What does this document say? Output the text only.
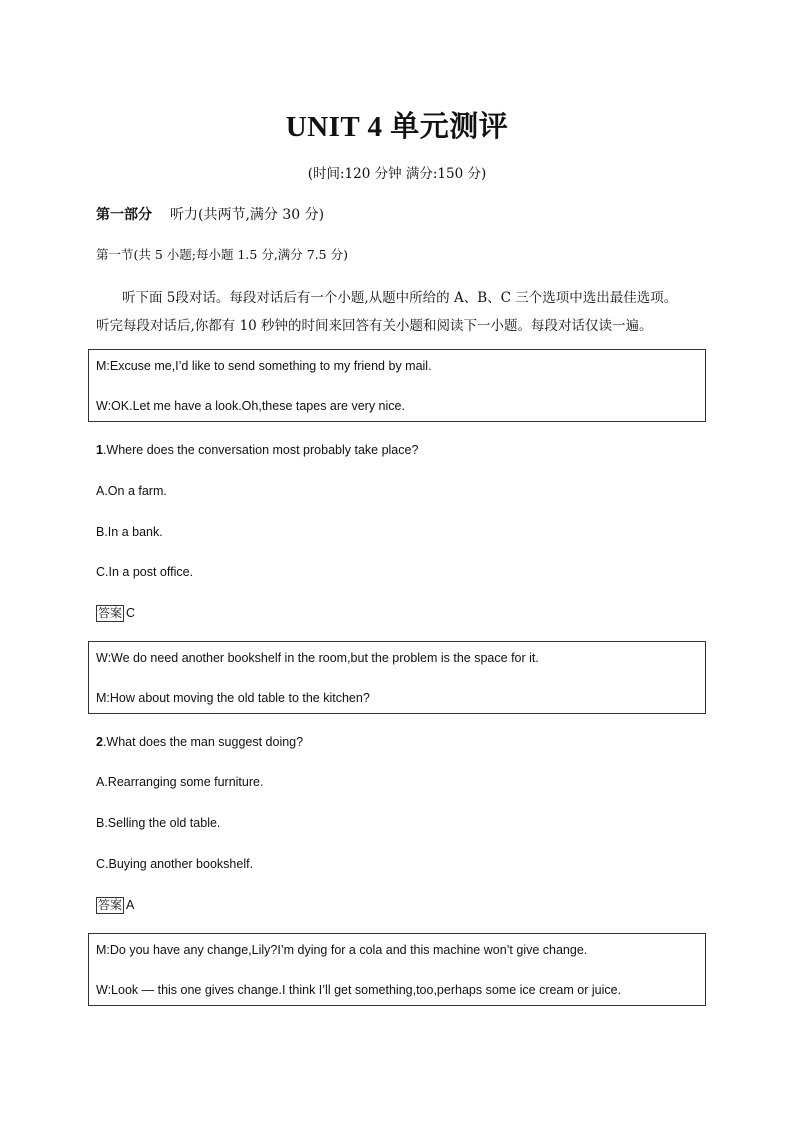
UNIT 4 单元测评
(时间:120 分钟 满分:150 分)
第一部分 听力(共两节,满分 30 分)
第一节(共 5 小题;每小题 1.5 分,满分 7.5 分)
听下面 5段对话。每段对话后有一个小题,从题中所给的 A、B、C 三个选项中选出最佳选项。
听完每段对话后,你都有 10 秒钟的时间来回答有关小题和阅读下一小题。每段对话仅读一遍。
M:Excuse me,I’d like to send something to my friend by mail.
W:OK.Let me have a look.Oh,these tapes are very nice.
1.Where does the conversation most probably take place?
A.On a farm.
B.In a bank.
C.In a post office.
答案 C
W:We do need another bookshelf in the room,but the problem is the space for it.
M:How about moving the old table to the kitchen?
2.What does the man suggest doing?
A.Rearranging some furniture.
B.Selling the old table.
C.Buying another bookshelf.
答案 A
M:Do you have any change,Lily?I’m dying for a cola and this machine won’t give change.
W:Look — this one gives change.I think I’ll get something,too,perhaps some ice cream or juice.
